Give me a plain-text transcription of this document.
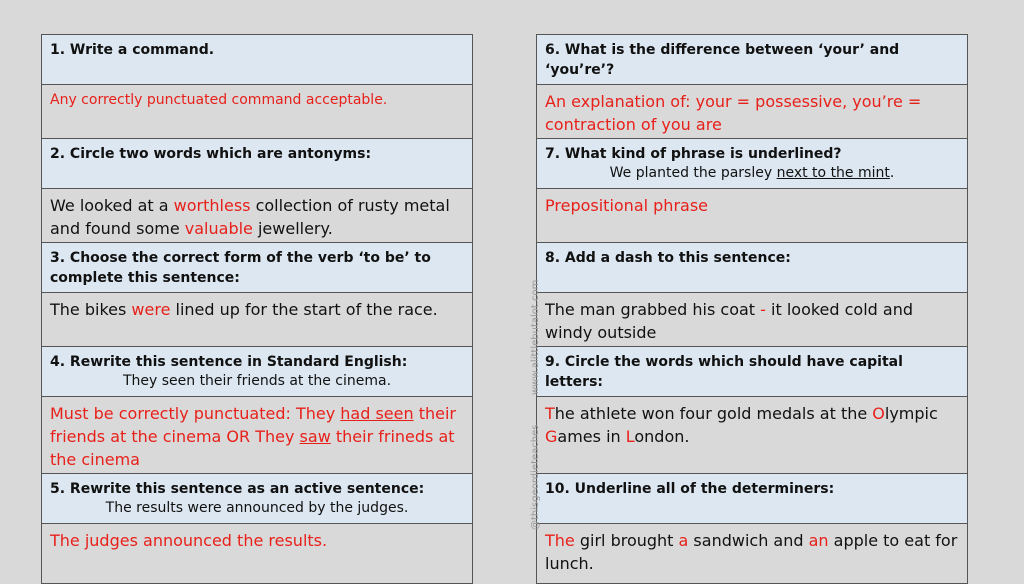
1. Write a command.
Any correctly punctuated command acceptable.
2. Circle two words which are antonyms:
We looked at a worthless collection of rusty metal and found some valuable jewellery.
3. Choose the correct form of the verb ‘to be’ to complete this sentence:
The bikes were lined up for the start of the race.
4. Rewrite this sentence in Standard English:
They seen their friends at the cinema.
Must be correctly punctuated: They had seen their friends at the cinema OR They saw their frineds at the cinema
5. Rewrite this sentence as an active sentence:
The results were announced by the judges.
The judges announced the results.
6. What is the difference between ‘your’ and ‘you’re’?
An explanation of: your = possessive, you’re = contraction of you are
7. What kind of phrase is underlined?
We planted the parsley next to the mint.
Prepositional phrase
8. Add a dash to this sentence:
The man grabbed his coat - it looked cold and windy outside
9. Circle the words which should have capital letters:
The athlete won four gold medals at the Olympic Games in London.
10. Underline all of the determiners:
The girl brought a sandwich and an apple to eat for lunch.
@thisgeordieteaches
www.alittlebutalot.com
